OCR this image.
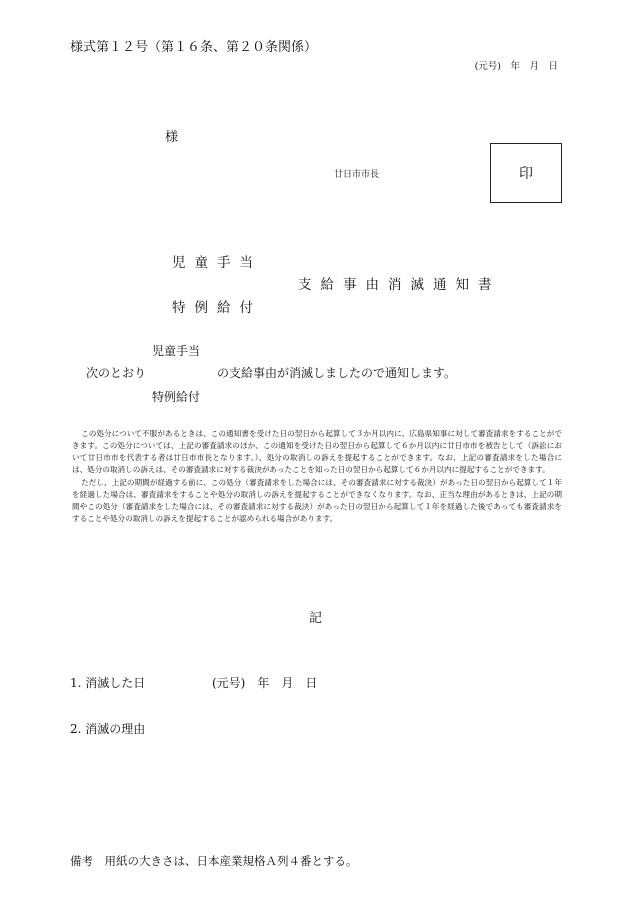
様式第１２号（第１６条、第２０条関係）
(元号)　年　月　日
様
廿日市市長	印
児童手当
支給事由消滅通知書
特例給付
児童手当
次のとおり	の支給事由が消滅しましたので通知します。
特例給付

この処分について不服があるときは、この通知書を受けた日の翌日から起算して３か月以内に、広島県知事に対して審査請求をすることができます。この処分については、上記の審査請求のほか、この通知を受けた日の翌日から起算して６か月以内に廿日市市を被告として（訴訟において廿日市市を代表する者は廿日市市長となります。）、処分の取消しの訴えを提起することができます。なお、上記の審査請求をした場合には、処分の取消しの訴えは、その審査請求に対する裁決があったことを知った日の翌日から起算して６か月以内に提起することができます。

ただし、上記の期間が経過する前に、この処分（審査請求をした場合には、その審査請求に対する裁決）があった日の翌日から起算して１年を経過した場合は、審査請求をすることや処分の取消しの訴えを提起することができなくなります。なお、正当な理由があるときは、上記の期間やこの処分（審査請求をした場合には、その審査請求に対する裁決）があった日の翌日から起算して１年を経過した後であっても審査請求をすることや処分の取消しの訴えを提起することが認められる場合があります。

記
1. 消滅した日	(元号)　年　月　日
2. 消滅の理由
備考　用紙の大きさは、日本産業規格Ａ列４番とする。
